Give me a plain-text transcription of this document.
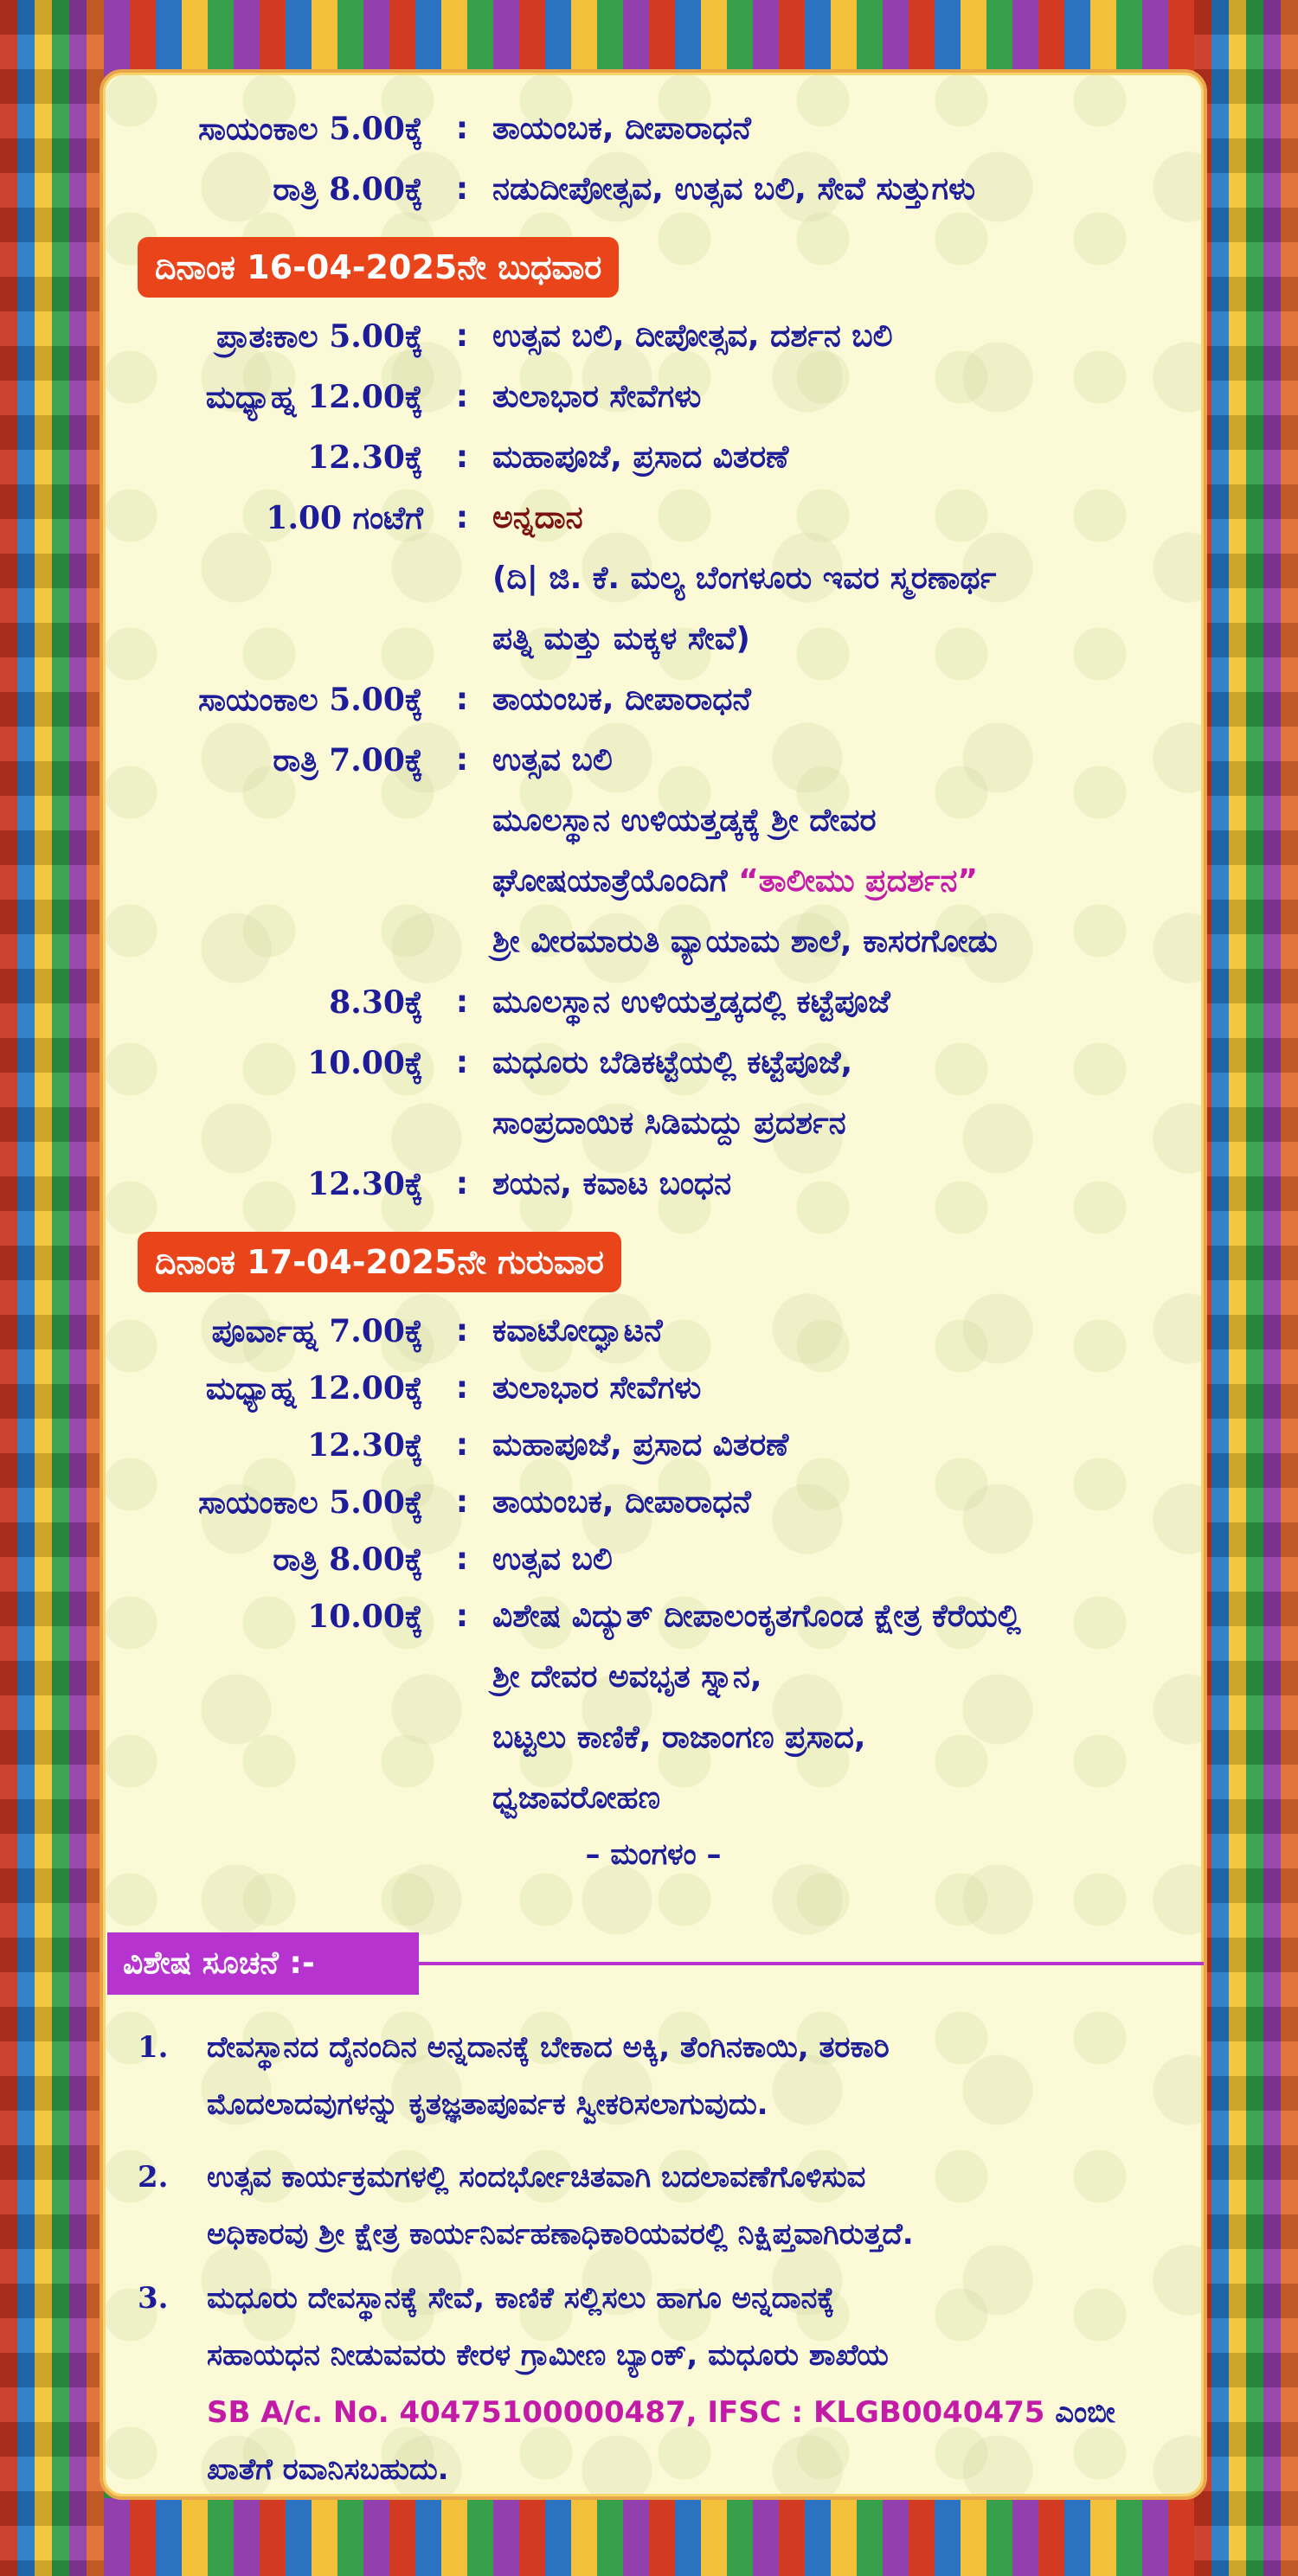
ಸಾಯಂಕಾಲ 5.00ಕ್ಕೆ	: ತಾಯಂಬಕ, ದೀಪಾರಾಧನೆ
ರಾತ್ರಿ 8.00ಕ್ಕೆ	: ನಡುದೀಪೋತ್ಸವ, ಉತ್ಸವ ಬಲಿ, ಸೇವೆ ಸುತ್ತುಗಳು
ದಿನಾಂಕ 16-04-2025ನೇ ಬುಧವಾರ
ಪ್ರಾತಃಕಾಲ 5.00ಕ್ಕೆ	: ಉತ್ಸವ ಬಲಿ, ದೀಪೋತ್ಸವ, ದರ್ಶನ ಬಲಿ
ಮಧ್ಯಾಹ್ನ 12.00ಕ್ಕೆ	: ತುಲಾಭಾರ ಸೇವೆಗಳು
12.30ಕ್ಕೆ	: ಮಹಾಪೂಜೆ, ಪ್ರಸಾದ ವಿತರಣೆ
1.00 ಗಂಟೆಗೆ	: ಅನ್ನದಾನ
(ದಿ| ಜಿ. ಕೆ. ಮಲ್ಯ ಬೆಂಗಳೂರು ಇವರ ಸ್ಮರಣಾರ್ಥ
ಪತ್ನಿ ಮತ್ತು ಮಕ್ಕಳ ಸೇವೆ)
ಸಾಯಂಕಾಲ 5.00ಕ್ಕೆ	: ತಾಯಂಬಕ, ದೀಪಾರಾಧನೆ
ರಾತ್ರಿ 7.00ಕ್ಕೆ	: ಉತ್ಸವ ಬಲಿ
ಮೂಲಸ್ಥಾನ ಉಳಿಯತ್ತಡ್ಕಕ್ಕೆ ಶ್ರೀ ದೇವರ
ಘೋಷಯಾತ್ರೆಯೊಂದಿಗೆ “ತಾಲೀಮು ಪ್ರದರ್ಶನ”
ಶ್ರೀ ವೀರಮಾರುತಿ ವ್ಯಾಯಾಮ ಶಾಲೆ, ಕಾಸರಗೋಡು
8.30ಕ್ಕೆ	: ಮೂಲಸ್ಥಾನ ಉಳಿಯತ್ತಡ್ಕದಲ್ಲಿ ಕಟ್ಟೆಪೂಜೆ
10.00ಕ್ಕೆ	: ಮಧೂರು ಬೆಡಿಕಟ್ಟೆಯಲ್ಲಿ ಕಟ್ಟೆಪೂಜೆ,
ಸಾಂಪ್ರದಾಯಿಕ ಸಿಡಿಮದ್ದು ಪ್ರದರ್ಶನ
12.30ಕ್ಕೆ	: ಶಯನ, ಕವಾಟ ಬಂಧನ
ದಿನಾಂಕ 17-04-2025ನೇ ಗುರುವಾರ
ಪೂರ್ವಾಹ್ನ 7.00ಕ್ಕೆ	: ಕವಾಟೋದ್ಘಾಟನೆ
ಮಧ್ಯಾಹ್ನ 12.00ಕ್ಕೆ	: ತುಲಾಭಾರ ಸೇವೆಗಳು
12.30ಕ್ಕೆ	: ಮಹಾಪೂಜೆ, ಪ್ರಸಾದ ವಿತರಣೆ
ಸಾಯಂಕಾಲ 5.00ಕ್ಕೆ	: ತಾಯಂಬಕ, ದೀಪಾರಾಧನೆ
ರಾತ್ರಿ 8.00ಕ್ಕೆ	: ಉತ್ಸವ ಬಲಿ
10.00ಕ್ಕೆ	: ವಿಶೇಷ ವಿದ್ಯುತ್ ದೀಪಾಲಂಕೃತಗೊಂಡ ಕ್ಷೇತ್ರ ಕೆರೆಯಲ್ಲಿ
ಶ್ರೀ ದೇವರ ಅವಭೃತ ಸ್ನಾನ,
ಬಟ್ಟಲು ಕಾಣಿಕೆ, ರಾಜಾಂಗಣ ಪ್ರಸಾದ,
ಧ್ವಜಾವರೋಹಣ
– ಮಂಗಳಂ –
ವಿಶೇಷ ಸೂಚನೆ :-
1.	ದೇವಸ್ಥಾನದ ದೈನಂದಿನ ಅನ್ನದಾನಕ್ಕೆ ಬೇಕಾದ ಅಕ್ಕಿ, ತೆಂಗಿನಕಾಯಿ, ತರಕಾರಿ
ಮೊದಲಾದವುಗಳನ್ನು ಕೃತಜ್ಞತಾಪೂರ್ವಕ ಸ್ವೀಕರಿಸಲಾಗುವುದು.
2.	ಉತ್ಸವ ಕಾರ್ಯಕ್ರಮಗಳಲ್ಲಿ ಸಂದರ್ಭೋಚಿತವಾಗಿ ಬದಲಾವಣೆಗೊಳಿಸುವ
ಅಧಿಕಾರವು ಶ್ರೀ ಕ್ಷೇತ್ರ ಕಾರ್ಯನಿರ್ವಹಣಾಧಿಕಾರಿಯವರಲ್ಲಿ ನಿಕ್ಷಿಪ್ತವಾಗಿರುತ್ತದೆ.
3.	ಮಧೂರು ದೇವಸ್ಥಾನಕ್ಕೆ ಸೇವೆ, ಕಾಣಿಕೆ ಸಲ್ಲಿಸಲು ಹಾಗೂ ಅನ್ನದಾನಕ್ಕೆ
ಸಹಾಯಧನ ನೀಡುವವರು ಕೇರಳ ಗ್ರಾಮೀಣ ಬ್ಯಾಂಕ್, ಮಧೂರು ಶಾಖೆಯ
SB A/c. No. 40475100000487, IFSC : KLGB0040475 ಎಂಬೀ
ಖಾತೆಗೆ ರವಾನಿಸಬಹುದು.
